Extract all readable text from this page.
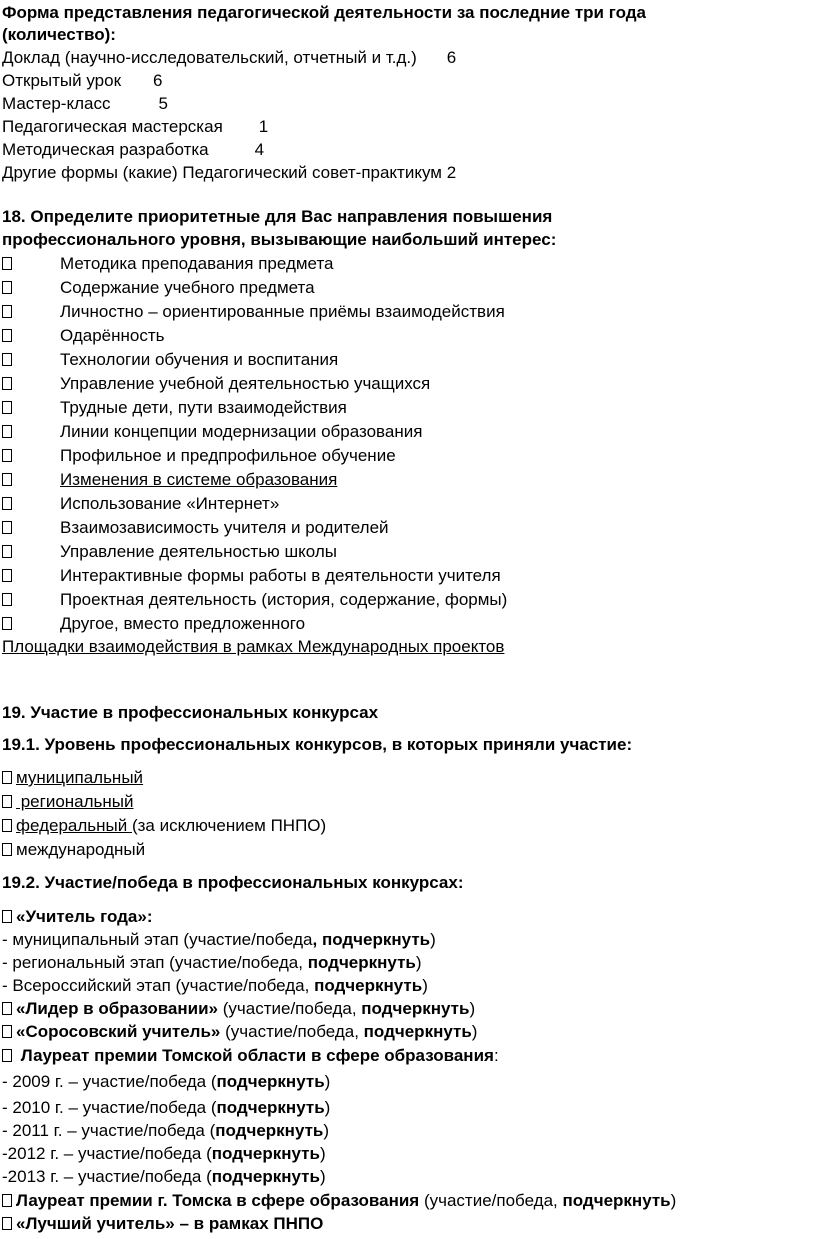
Форма представления педагогической деятельности за последние три года
(количество):
Доклад (научно-исследовательский, отчетный и т.д.) 6
Открытый урок 6
Мастер-класс	5
Педагогическая мастерская 1
Методическая разработка	4
Другие формы (какие) Педагогический совет-практикум 2
18. Определите приоритетные для Вас направления повышения
профессионального уровня, вызывающие наибольший интерес:
Методика преподавания предмета
Содержание учебного предмета
Личностно – ориентированные приёмы взаимодействия
Одарённость
Технологии обучения и воспитания
Управление учебной деятельностью учащихся
Трудные дети, пути взаимодействия
Линии концепции модернизации образования
Профильное и предпрофильное обучение
Изменения в системе образования
Использование «Интернет»
Взаимозависимость учителя и родителей
Управление деятельностью школы
Интерактивные формы работы в деятельности учителя
Проектная деятельность (история, содержание, формы)
Другое, вместо предложенного
Площадки взаимодействия в рамках Международных проектов
19. Участие в профессиональных конкурсах
19.1. Уровень профессиональных конкурсов, в которых приняли участие:
муниципальный
региональный
федеральный (за исключением ПНПО)
международный
19.2. Участие/победа в профессиональных конкурсах:
«Учитель года»:
- муниципальный этап (участие/победа, подчеркнуть)
- региональный этап (участие/победа, подчеркнуть)
- Всероссийский этап (участие/победа, подчеркнуть)
«Лидер в образовании» (участие/победа, подчеркнуть)
«Соросовский учитель» (участие/победа, подчеркнуть)
Лауреат премии Томской области в сфере образования:
- 2009 г. – участие/победа (подчеркнуть)
- 2010 г. – участие/победа (подчеркнуть)
- 2011 г. – участие/победа (подчеркнуть)
-2012 г. – участие/победа (подчеркнуть)
-2013 г. – участие/победа (подчеркнуть)
Лауреат премии г. Томска в сфере образования (участие/победа, подчеркнуть)
«Лучший учитель» – в рамках ПНПО
